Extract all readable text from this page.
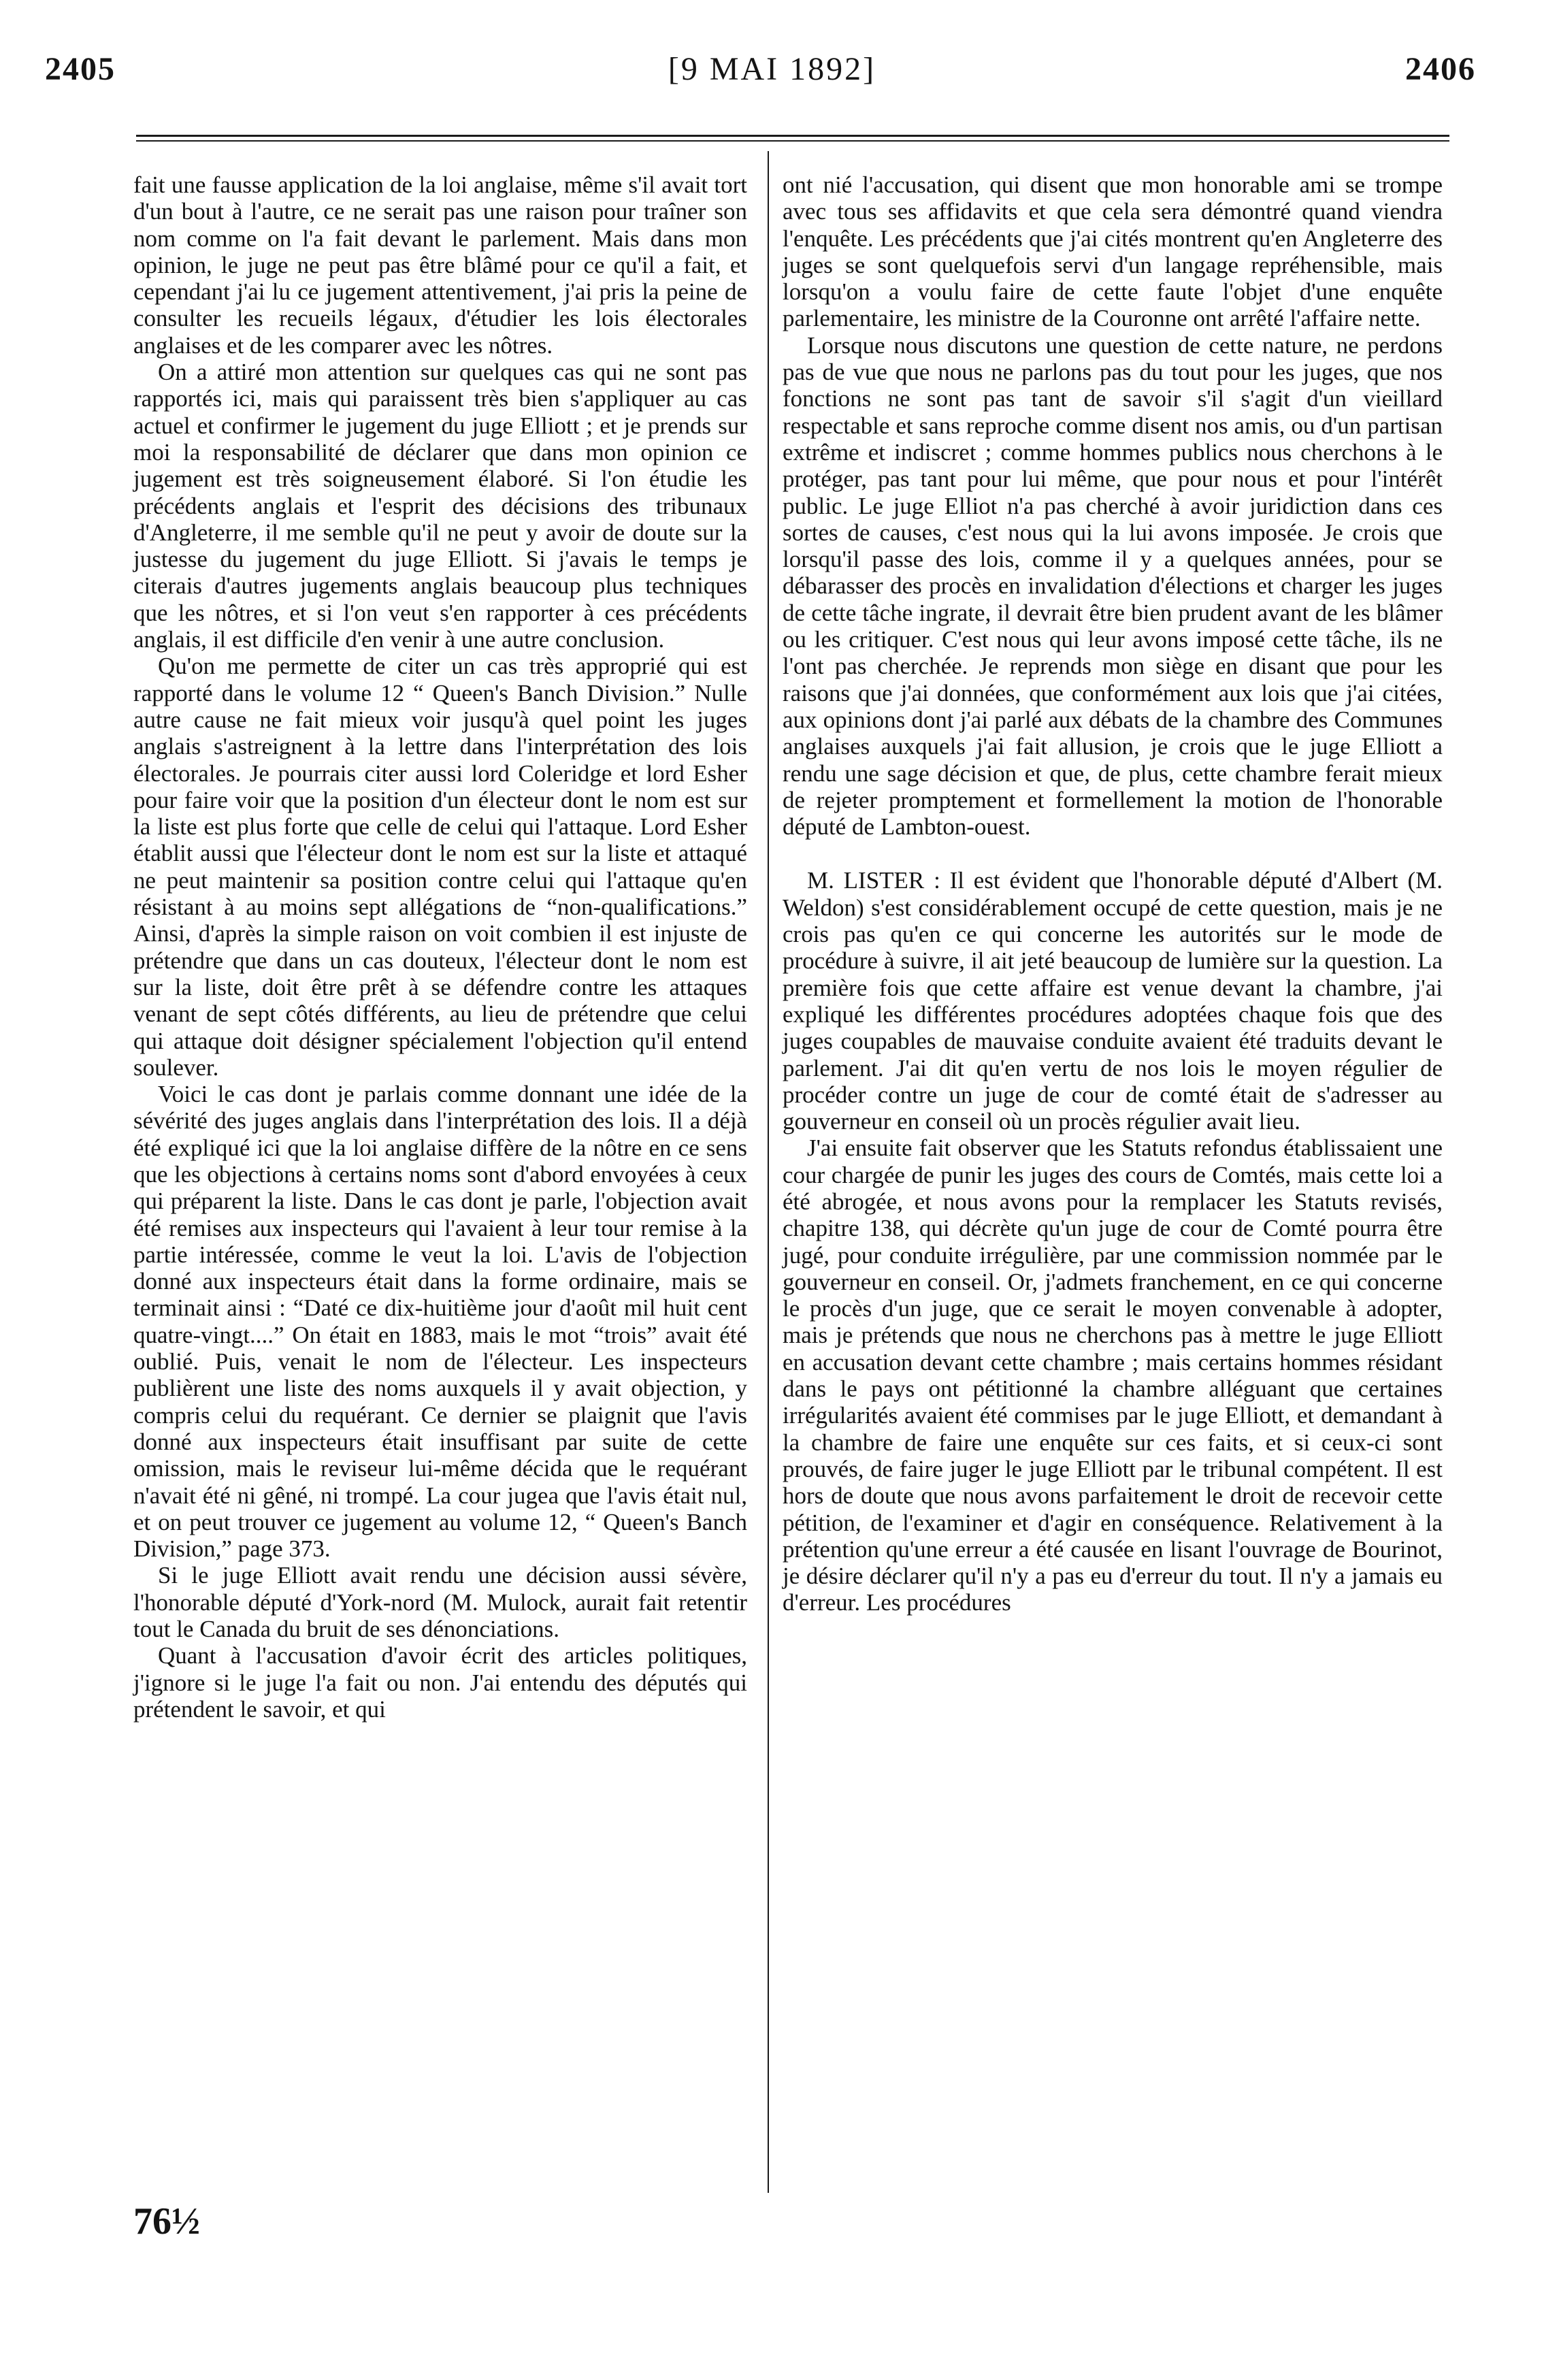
2405	[9 MAI 1892]	2406

fait une fausse application de la loi anglaise, même s'il avait tort d'un bout à l'autre, ce ne serait pas une raison pour traîner son nom comme on l'a fait devant le parlement. Mais dans mon opinion, le juge ne peut pas être blâmé pour ce qu'il a fait, et cependant j'ai lu ce jugement attentivement, j'ai pris la peine de consulter les recueils légaux, d'étudier les lois électorales anglaises et de les comparer avec les nôtres.

On a attiré mon attention sur quelques cas qui ne sont pas rapportés ici, mais qui paraissent très bien s'appliquer au cas actuel et confirmer le jugement du juge Elliott ; et je prends sur moi la responsabilité de déclarer que dans mon opinion ce jugement est très soigneusement élaboré. Si l'on étudie les précédents anglais et l'esprit des décisions des tribunaux d'Angleterre, il me semble qu'il ne peut y avoir de doute sur la justesse du jugement du juge Elliott. Si j'avais le temps je citerais d'autres jugements anglais beaucoup plus techniques que les nôtres, et si l'on veut s'en rapporter à ces précédents anglais, il est difficile d'en venir à une autre conclusion.

Qu'on me permette de citer un cas très approprié qui est rapporté dans le volume 12 “ Queen's Banch Division.” Nulle autre cause ne fait mieux voir jusqu'à quel point les juges anglais s'astreignent à la lettre dans l'interprétation des lois électorales. Je pourrais citer aussi lord Coleridge et lord Esher pour faire voir que la position d'un électeur dont le nom est sur la liste est plus forte que celle de celui qui l'attaque. Lord Esher établit aussi que l'électeur dont le nom est sur la liste et attaqué ne peut maintenir sa position contre celui qui l'attaque qu'en résistant à au moins sept allégations de “non-qualifications.” Ainsi, d'après la simple raison on voit combien il est injuste de prétendre que dans un cas douteux, l'électeur dont le nom est sur la liste, doit être prêt à se défendre contre les attaques venant de sept côtés différents, au lieu de prétendre que celui qui attaque doit désigner spécialement l'objection qu'il entend soulever.

Voici le cas dont je parlais comme donnant une idée de la sévérité des juges anglais dans l'interprétation des lois. Il a déjà été expliqué ici que la loi anglaise diffère de la nôtre en ce sens que les objections à certains noms sont d'abord envoyées à ceux qui préparent la liste. Dans le cas dont je parle, l'objection avait été remises aux inspecteurs qui l'avaient à leur tour remise à la partie intéressée, comme le veut la loi. L'avis de l'objection donné aux inspecteurs était dans la forme ordinaire, mais se terminait ainsi : “Daté ce dix-huitième jour d'août mil huit cent quatre-vingt....” On était en 1883, mais le mot “trois” avait été oublié. Puis, venait le nom de l'électeur. Les inspecteurs publièrent une liste des noms auxquels il y avait objection, y compris celui du requérant. Ce dernier se plaignit que l'avis donné aux inspecteurs était insuffisant par suite de cette omission, mais le reviseur lui-même décida que le requérant n'avait été ni gêné, ni trompé. La cour jugea que l'avis était nul, et on peut trouver ce jugement au volume 12, “ Queen's Banch Division,” page 373.

Si le juge Elliott avait rendu une décision aussi sévère, l'honorable député d'York-nord (M. Mulock, aurait fait retentir tout le Canada du bruit de ses dénonciations.

Quant à l'accusation d'avoir écrit des articles politiques, j'ignore si le juge l'a fait ou non. J'ai entendu des députés qui prétendent le savoir, et qui

ont nié l'accusation, qui disent que mon honorable ami se trompe avec tous ses affidavits et que cela sera démontré quand viendra l'enquête. Les précédents que j'ai cités montrent qu'en Angleterre des juges se sont quelquefois servi d'un langage repréhensible, mais lorsqu'on a voulu faire de cette faute l'objet d'une enquête parlementaire, les ministre de la Couronne ont arrêté l'affaire nette.

Lorsque nous discutons une question de cette nature, ne perdons pas de vue que nous ne parlons pas du tout pour les juges, que nos fonctions ne sont pas tant de savoir s'il s'agit d'un vieillard respectable et sans reproche comme disent nos amis, ou d'un partisan extrême et indiscret ; comme hommes publics nous cherchons à le protéger, pas tant pour lui même, que pour nous et pour l'intérêt public. Le juge Elliot n'a pas cherché à avoir juridiction dans ces sortes de causes, c'est nous qui la lui avons imposée. Je crois que lorsqu'il passe des lois, comme il y a quelques années, pour se débarasser des procès en invalidation d'élections et charger les juges de cette tâche ingrate, il devrait être bien prudent avant de les blâmer ou les critiquer. C'est nous qui leur avons imposé cette tâche, ils ne l'ont pas cherchée. Je reprends mon siège en disant que pour les raisons que j'ai données, que conformément aux lois que j'ai citées, aux opinions dont j'ai parlé aux débats de la chambre des Communes anglaises auxquels j'ai fait allusion, je crois que le juge Elliott a rendu une sage décision et que, de plus, cette chambre ferait mieux de rejeter promptement et formellement la motion de l'honorable député de Lambton-ouest.

M. LISTER : Il est évident que l'honorable député d'Albert (M. Weldon) s'est considérablement occupé de cette question, mais je ne crois pas qu'en ce qui concerne les autorités sur le mode de procédure à suivre, il ait jeté beaucoup de lumière sur la question. La première fois que cette affaire est venue devant la chambre, j'ai expliqué les différentes procédures adoptées chaque fois que des juges coupables de mauvaise conduite avaient été traduits devant le parlement. J'ai dit qu'en vertu de nos lois le moyen régulier de procéder contre un juge de cour de comté était de s'adresser au gouverneur en conseil où un procès régulier avait lieu.

J'ai ensuite fait observer que les Statuts refondus établissaient une cour chargée de punir les juges des cours de Comtés, mais cette loi a été abrogée, et nous avons pour la remplacer les Statuts revisés, chapitre 138, qui décrète qu'un juge de cour de Comté pourra être jugé, pour conduite irrégulière, par une commission nommée par le gouverneur en conseil. Or, j'admets franchement, en ce qui concerne le procès d'un juge, que ce serait le moyen convenable à adopter, mais je prétends que nous ne cherchons pas à mettre le juge Elliott en accusation devant cette chambre ; mais certains hommes résidant dans le pays ont pétitionné la chambre alléguant que certaines irrégularités avaient été commises par le juge Elliott, et demandant à la chambre de faire une enquête sur ces faits, et si ceux-ci sont prouvés, de faire juger le juge Elliott par le tribunal compétent. Il est hors de doute que nous avons parfaitement le droit de recevoir cette pétition, de l'examiner et d'agir en conséquence. Relativement à la prétention qu'une erreur a été causée en lisant l'ouvrage de Bourinot, je désire déclarer qu'il n'y a pas eu d'erreur du tout. Il n'y a jamais eu d'erreur. Les procédures

76½
